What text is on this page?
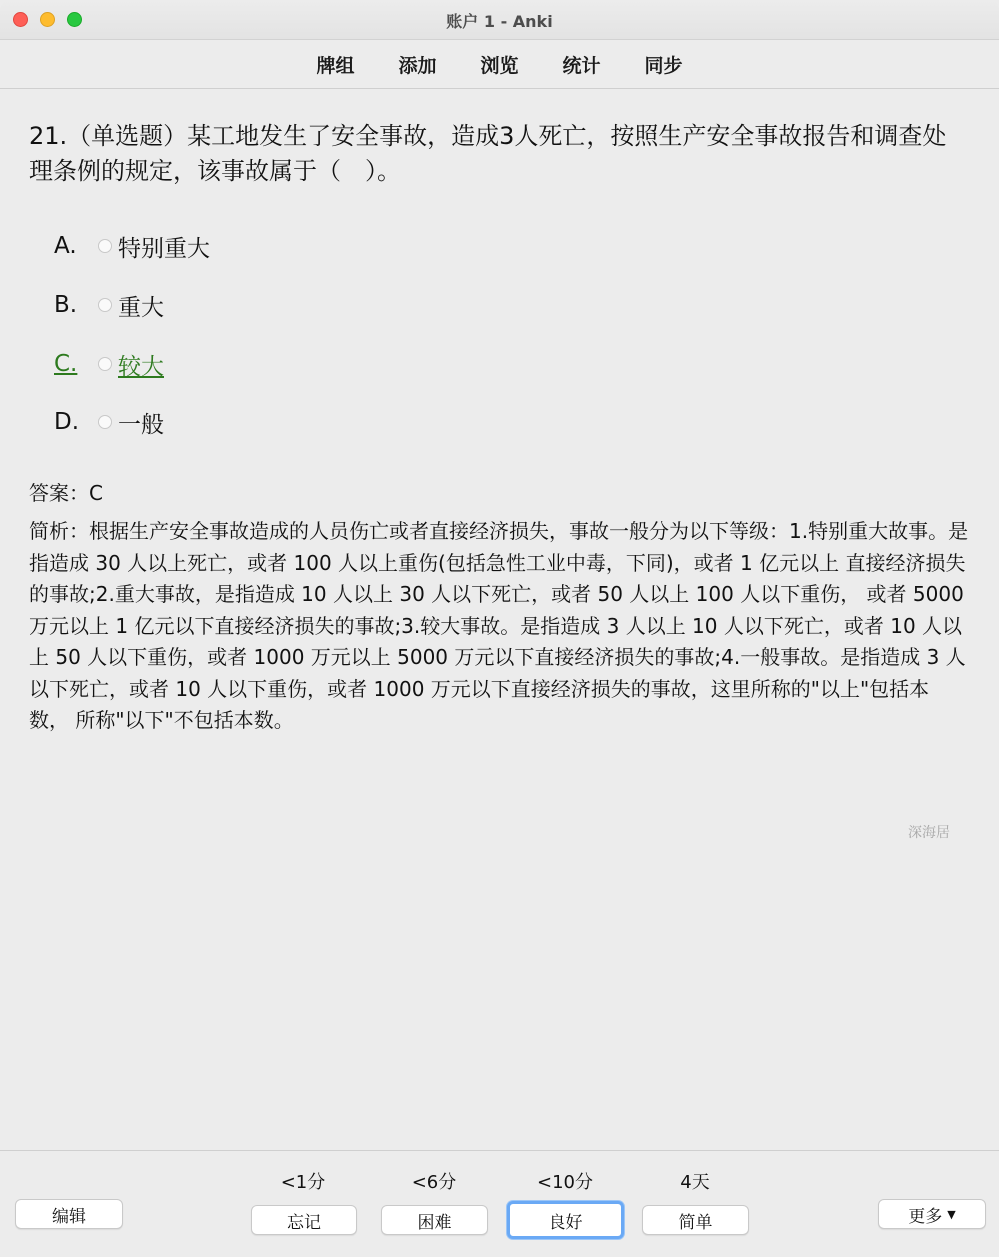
账户 1 - Anki
牌组 添加 浏览 统计 同步
21.（单选题）某工地发生了安全事故，造成3人死亡，按照生产安全事故报告和调查处理条例的规定，该事故属于（　）。
A.	特别重大
B.	重大
C.	较大
D.	一般
答案：C
简析：根据生产安全事故造成的人员伤亡或者直接经济损失，事故一般分为以下等级：1.特别重大故事。是指造成 30 人以上死亡，或者 100 人以上重伤(包括急性工业中毒，下同)，或者 1 亿元以上 直接经济损失的事故;2.重大事故，是指造成 10 人以上 30 人以下死亡，或者 50 人以上 100 人以下重伤， 或者 5000 万元以上 1 亿元以下直接经济损失的事故;3.较大事故。是指造成 3 人以上 10 人以下死亡，或者 10 人以上 50 人以下重伤，或者 1000 万元以上 5000 万元以下直接经济损失的事故;4.一般事故。是指造成 3 人以下死亡，或者 10 人以下重伤，或者 1000 万元以下直接经济损失的事故，这里所称的"以上"包括本数， 所称"以下"不包括本数。
深海居
编辑
<1分	<6分	<10分	4天
忘记	困难	良好	简单	更多 ▼
